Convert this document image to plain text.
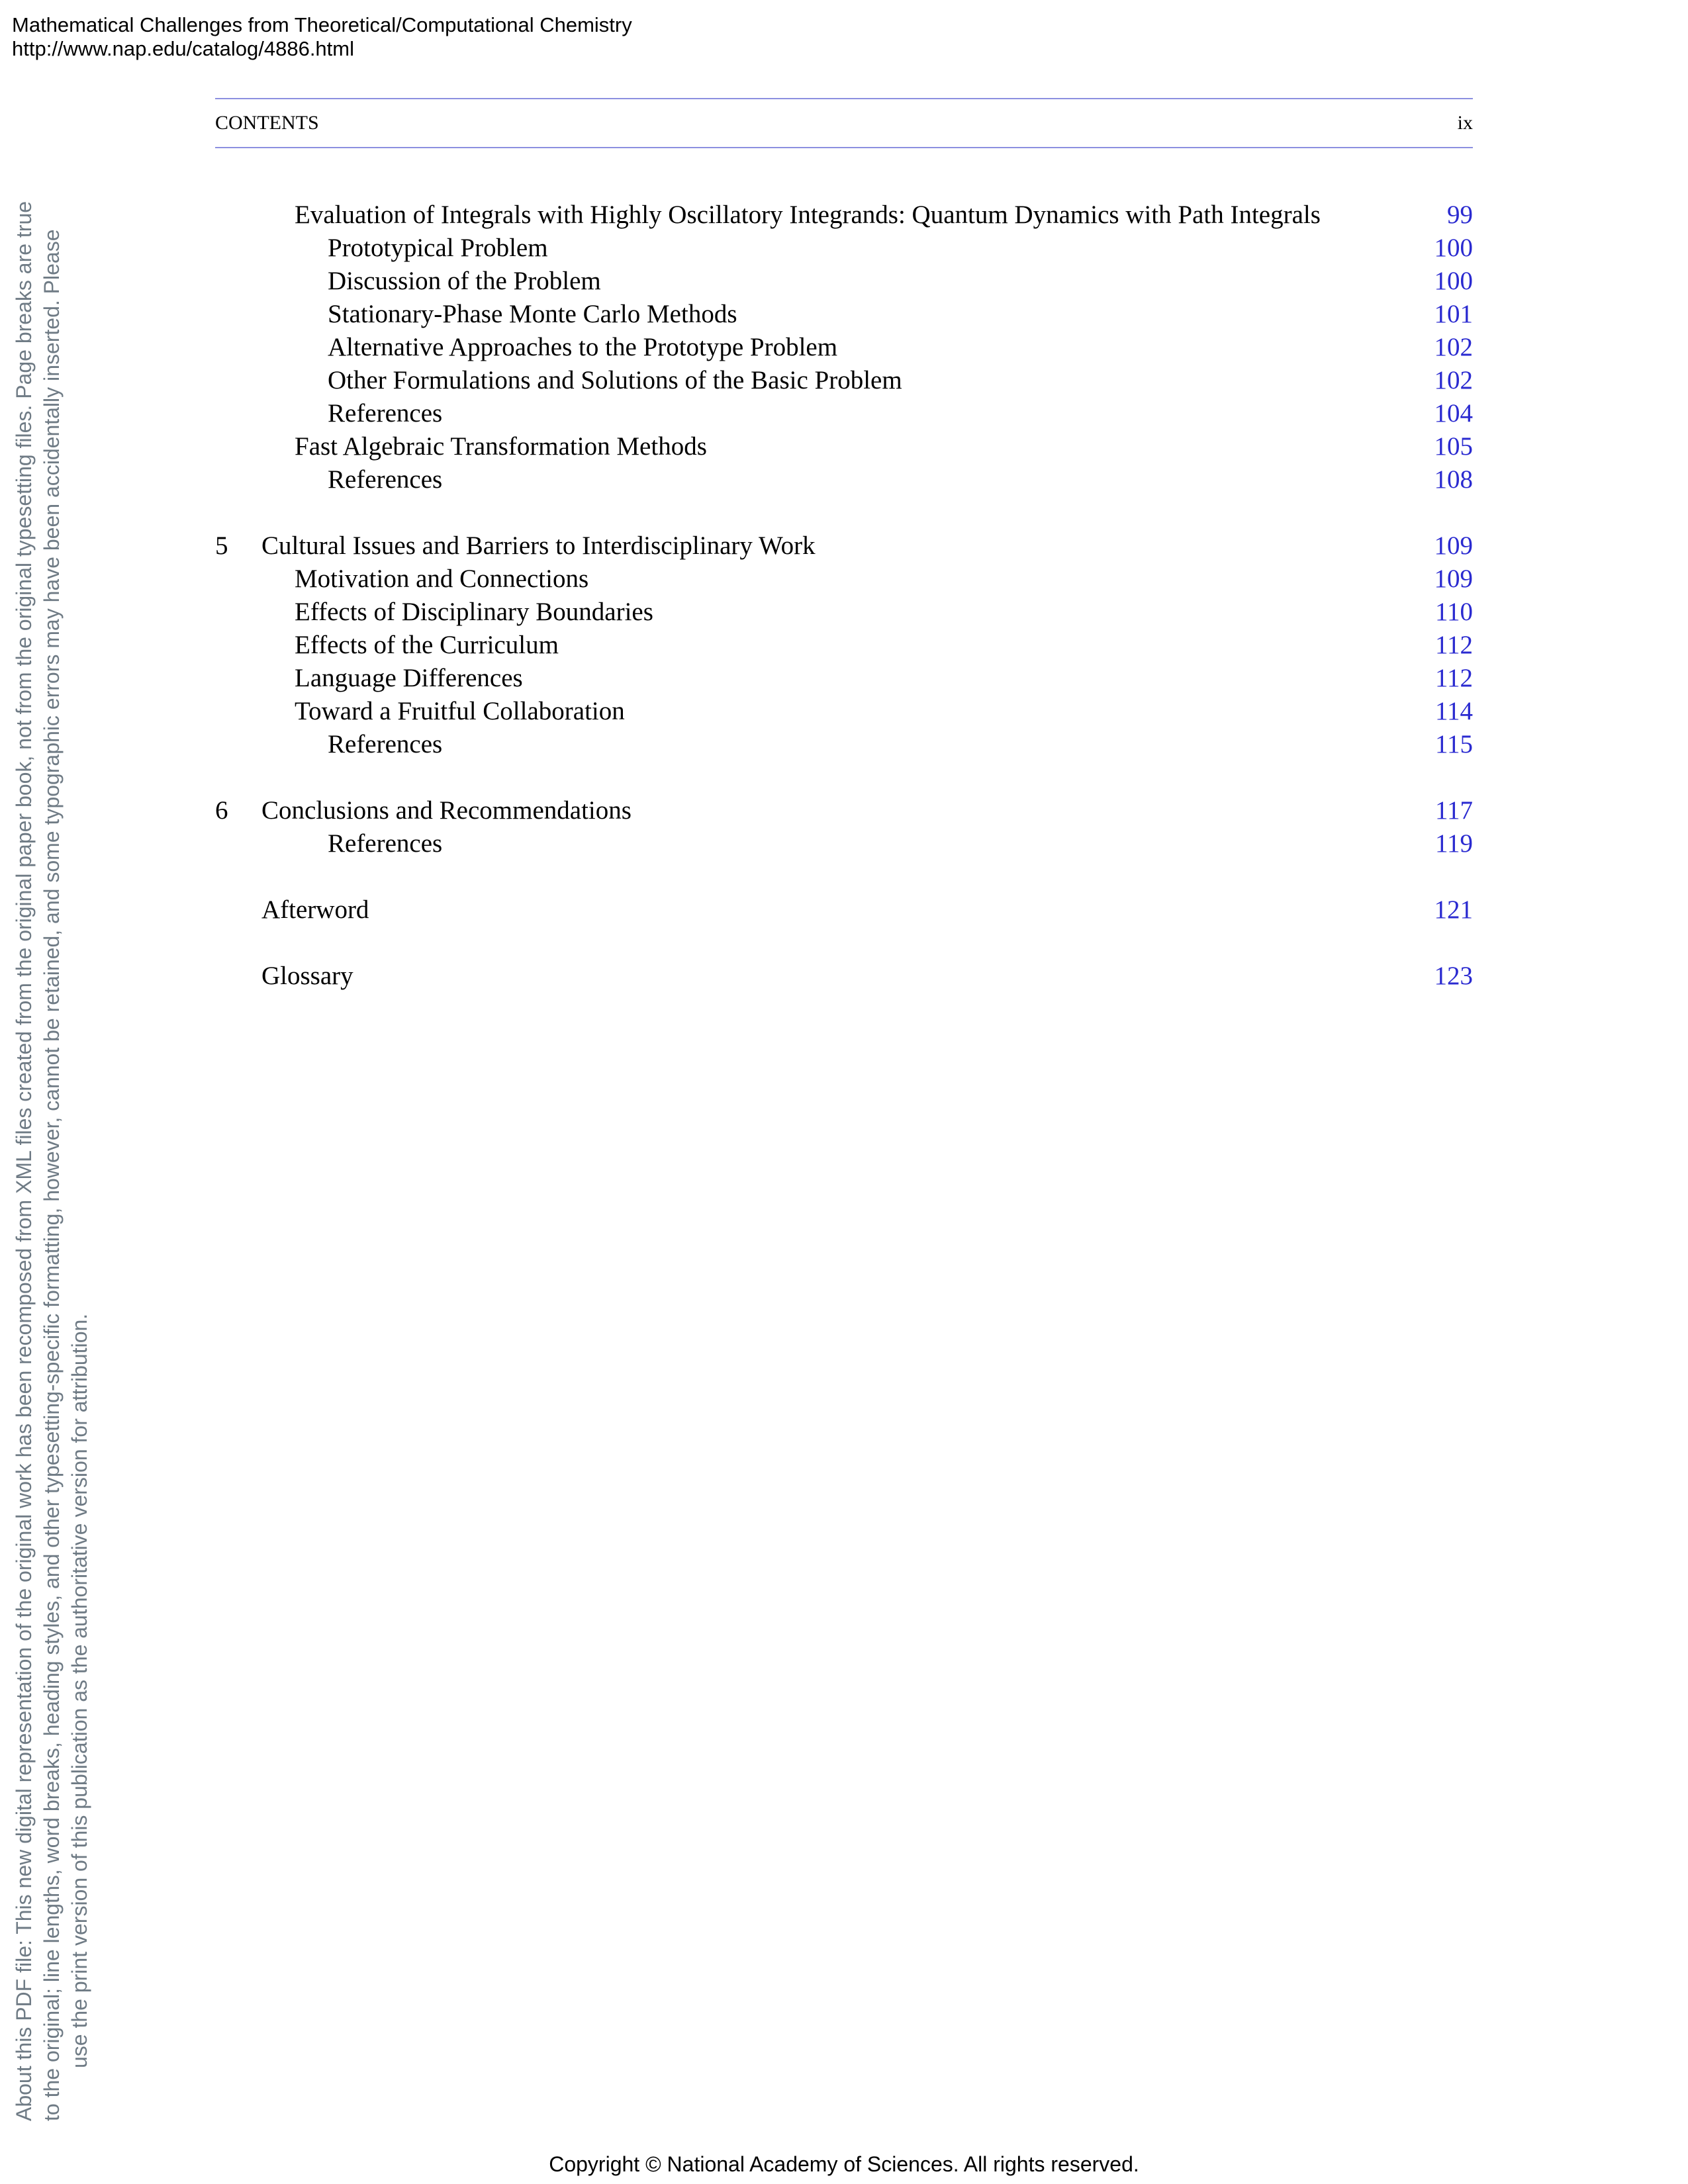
Mathematical Challenges from Theoretical/Computational Chemistry
http://www.nap.edu/catalog/4886.html
About this PDF file: This new digital representation of the original work has been recomposed from XML files created from the original paper book, not from the original typesetting files. Page breaks are true to the original; line lengths, word breaks, heading styles, and other typesetting-specific formatting, however, cannot be retained, and some typographic errors may have been accidentally inserted. Please use the print version of this publication as the authoritative version for attribution.
CONTENTS	ix
Evaluation of Integrals with Highly Oscillatory Integrands: Quantum Dynamics with Path Integrals	99
Prototypical Problem	100
Discussion of the Problem	100
Stationary-Phase Monte Carlo Methods	101
Alternative Approaches to the Prototype Problem	102
Other Formulations and Solutions of the Basic Problem	102
References	104
Fast Algebraic Transformation Methods	105
References	108
5 Cultural Issues and Barriers to Interdisciplinary Work	109
Motivation and Connections	109
Effects of Disciplinary Boundaries	110
Effects of the Curriculum	112
Language Differences	112
Toward a Fruitful Collaboration	114
References	115
6 Conclusions and Recommendations	117
References	119
Afterword	121
Glossary	123
Copyright © National Academy of Sciences. All rights reserved.
